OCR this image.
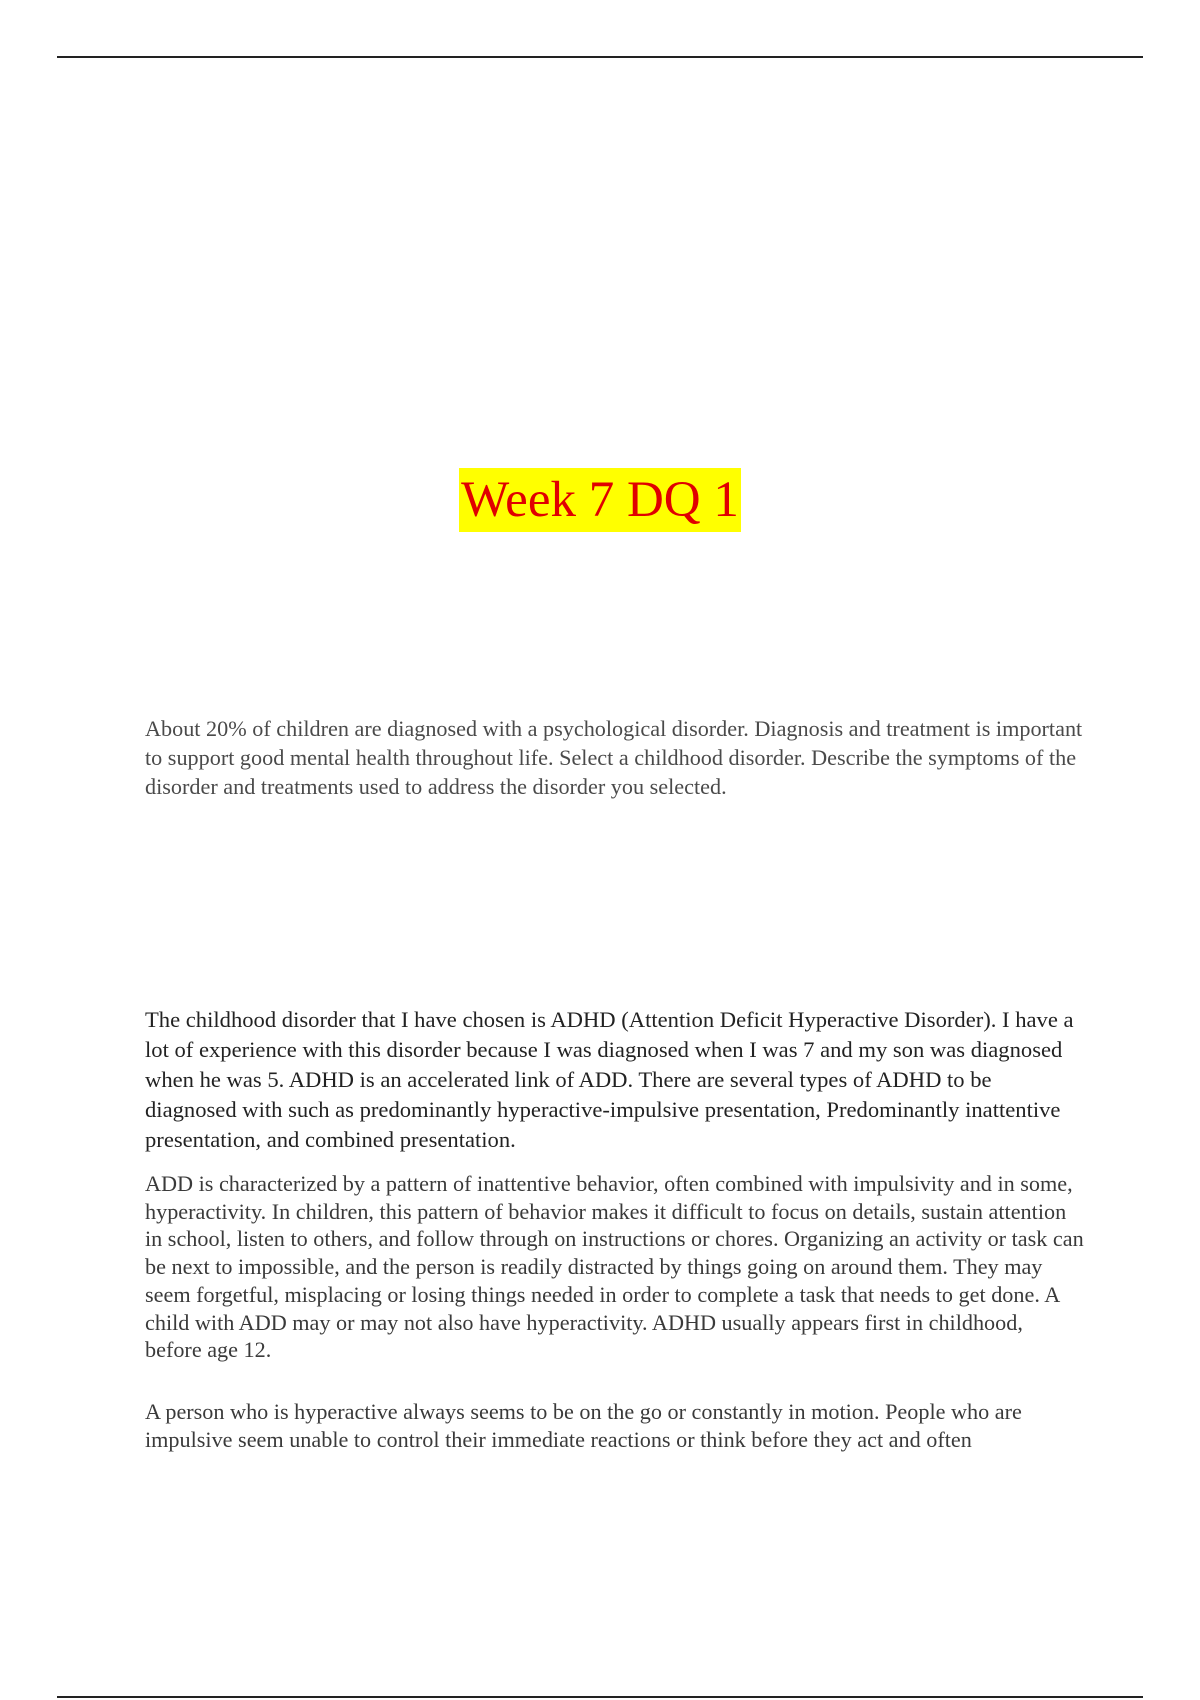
Week 7 DQ 1

About 20% of children are diagnosed with a psychological disorder. Diagnosis and treatment is important to support good mental health throughout life. Select a childhood disorder. Describe the symptoms of the disorder and treatments used to address the disorder you selected.

The childhood disorder that I have chosen is ADHD (Attention Deficit Hyperactive Disorder). I have a lot of experience with this disorder because I was diagnosed when I was 7 and my son was diagnosed when he was 5. ADHD is an accelerated link of ADD. There are several types of ADHD to be diagnosed with such as predominantly hyperactive-impulsive presentation, Predominantly inattentive presentation, and combined presentation.

ADD is characterized by a pattern of inattentive behavior, often combined with impulsivity and in some, hyperactivity. In children, this pattern of behavior makes it difficult to focus on details, sustain attention in school, listen to others, and follow through on instructions or chores. Organizing an activity or task can be next to impossible, and the person is readily distracted by things going on around them. They may seem forgetful, misplacing or losing things needed in order to complete a task that needs to get done. A child with ADD may or may not also have hyperactivity. ADHD usually appears first in childhood, before age 12.

A person who is hyperactive always seems to be on the go or constantly in motion. People who are impulsive seem unable to control their immediate reactions or think before they act and often
